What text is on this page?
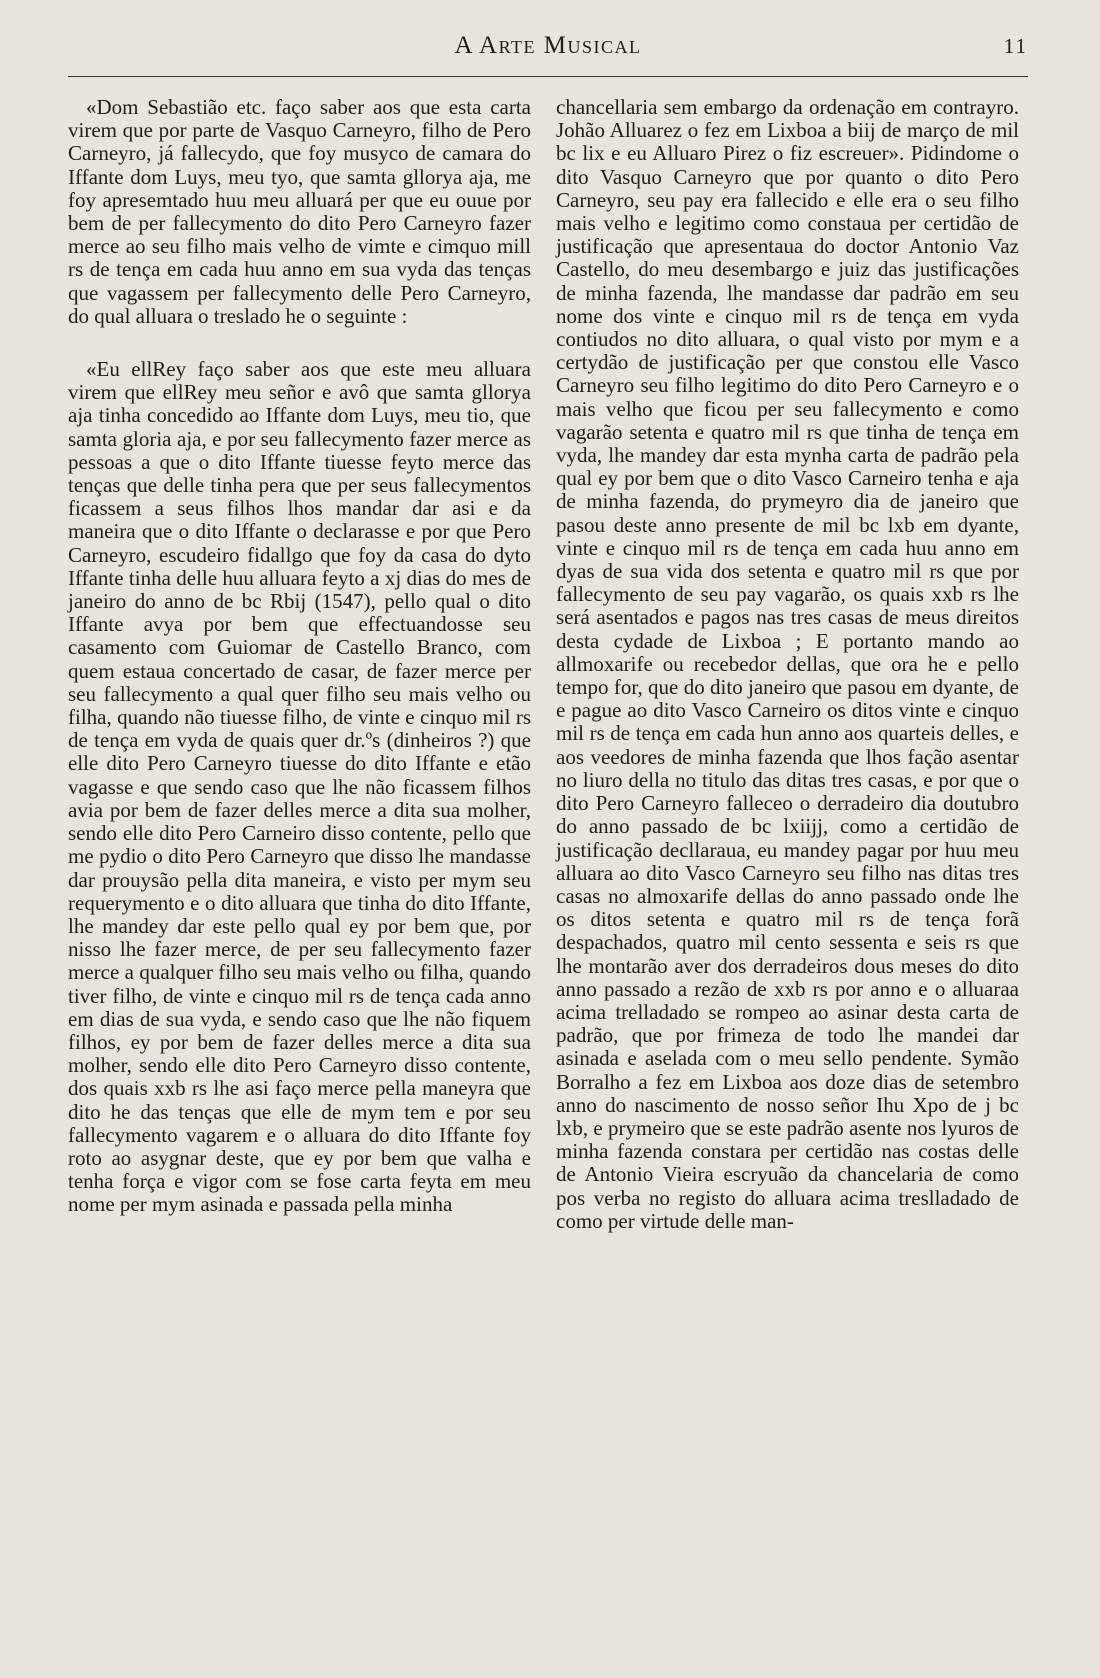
A Arte Musical	11

«Dom Sebastião etc. faço saber aos que esta carta virem que por parte de Vasquo Carneyro, filho de Pero Carneyro, já fallecydo, que foy musyco de camara do Iffante dom Luys, meu tyo, que samta gllorya aja, me foy apresemtado huu meu alluará per que eu ouue por bem de per fallecymento do dito Pero Carneyro fazer merce ao seu filho mais velho de vimte e cimquo mill rs de tença em cada huu anno em sua vyda das tenças que vagassem per fallecymento delle Pero Carneyro, do qual alluara o treslado he o seguinte :

«Eu ellRey faço saber aos que este meu alluara virem que ellRey meu señor e avô que samta gllorya aja tinha concedido ao Iffante dom Luys, meu tio, que samta gloria aja, e por seu fallecymento fazer merce as pessoas a que o dito Iffante tiuesse feyto merce das tenças que delle tinha pera que per seus fallecymentos ficassem a seus filhos lhos mandar dar asi e da maneira que o dito Iffante o declarasse e por que Pero Carneyro, escudeiro fidallgo que foy da casa do dyto Iffante tinha delle huu alluara feyto a xj dias do mes de janeiro do anno de bc Rbij (1547), pello qual o dito Iffante avya por bem que effectuandosse seu casamento com Guiomar de Castello Branco, com quem estaua concertado de casar, de fazer merce per seu fallecymento a qual quer filho seu mais velho ou filha, quando não tiuesse filho, de vinte e cinquo mil rs de tença em vyda de quais quer dr.ºs (dinheiros ?) que elle dito Pero Carneyro tiuesse do dito Iffante e etão vagasse e que sendo caso que lhe não ficassem filhos avia por bem de fazer delles merce a dita sua molher, sendo elle dito Pero Carneiro disso contente, pello que me pydio o dito Pero Carneyro que disso lhe mandasse dar prouysão pella dita maneira, e visto per mym seu requerymento e o dito alluara que tinha do dito Iffante, lhe mandey dar este pello qual ey por bem que, por nisso lhe fazer merce, de per seu fallecymento fazer merce a qualquer filho seu mais velho ou filha, quando tiver filho, de vinte e cinquo mil rs de tença cada anno em dias de sua vyda, e sendo caso que lhe não fiquem filhos, ey por bem de fazer delles merce a dita sua molher, sendo elle dito Pero Carneyro disso contente, dos quais xxb rs lhe asi faço merce pella maneyra que dito he das tenças que elle de mym tem e por seu fallecymento vagarem e o alluara do dito Iffante foy roto ao asygnar deste, que ey por bem que valha e tenha força e vigor com se fose carta feyta em meu nome per mym asinada e passada pella minha

chancellaria sem embargo da ordenação em contrayro. Johão Alluarez o fez em Lixboa a biij de março de mil bc lix e eu Alluaro Pirez o fiz escreuer». Pidindome o dito Vasquo Carneyro que por quanto o dito Pero Carneyro, seu pay era fallecido e elle era o seu filho mais velho e legitimo como constaua per certidão de justificação que apresentaua do doctor Antonio Vaz Castello, do meu desembargo e juiz das justificações de minha fazenda, lhe mandasse dar padrão em seu nome dos vinte e cinquo mil rs de tença em vyda contiudos no dito alluara, o qual visto por mym e a certydão de justificação per que constou elle Vasco Carneyro seu filho legitimo do dito Pero Carneyro e o mais velho que ficou per seu fallecymento e como vagarão setenta e quatro mil rs que tinha de tença em vyda, lhe mandey dar esta mynha carta de padrão pela qual ey por bem que o dito Vasco Carneiro tenha e aja de minha fazenda, do prymeyro dia de janeiro que pasou deste anno presente de mil bc lxb em dyante, vinte e cinquo mil rs de tença em cada huu anno em dyas de sua vida dos setenta e quatro mil rs que por fallecymento de seu pay vagarão, os quais xxb rs lhe será asentados e pagos nas tres casas de meus direitos desta cydade de Lixboa ; E portanto mando ao allmoxarife ou recebedor dellas, que ora he e pello tempo for, que do dito janeiro que pasou em dyante, de e pague ao dito Vasco Carneiro os ditos vinte e cinquo mil rs de tença em cada hun anno aos quarteis delles, e aos veedores de minha fazenda que lhos fação asentar no liuro della no titulo das ditas tres casas, e por que o dito Pero Carneyro falleceo o derradeiro dia doutubro do anno passado de bc lxiijj, como a certidão de justificação decllaraua, eu mandey pagar por huu meu alluara ao dito Vasco Carneyro seu filho nas ditas tres casas no almoxarife dellas do anno passado onde lhe os ditos setenta e quatro mil rs de tença forã despachados, quatro mil cento sessenta e seis rs que lhe montarão aver dos derradeiros dous meses do dito anno passado a rezão de xxb rs por anno e o alluaraa acima trelladado se rompeo ao asinar desta carta de padrão, que por frimeza de todo lhe mandei dar asinada e aselada com o meu sello pendente. Symão Borralho a fez em Lixboa aos doze dias de setembro anno do nascimento de nosso señor Ihu Xpo de j bc lxb, e prymeiro que se este padrão asente nos lyuros de minha fazenda constara per certidão nas costas delle de Antonio Vieira escryuão da chancelaria de como pos verba no registo do alluara acima treslladado de como per virtude delle man-
